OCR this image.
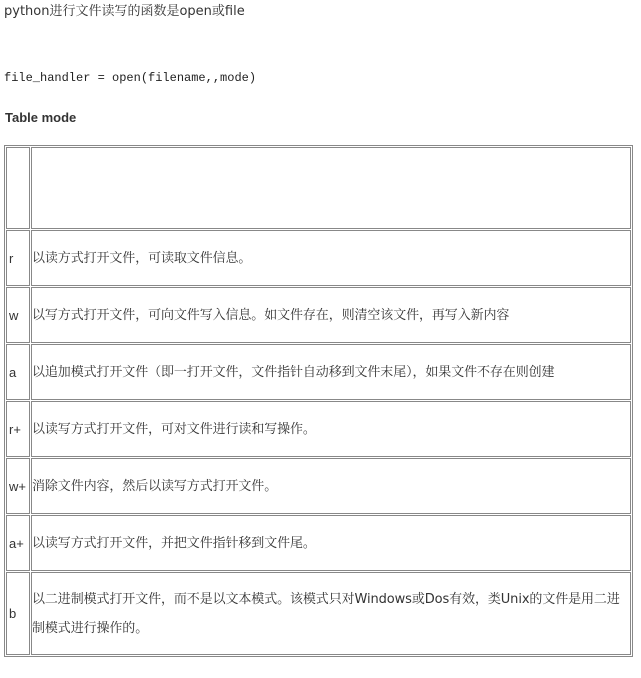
python进行文件读写的函数是open或file
file_handler = open(filename,,mode)
Table mode

r	以读方式打开文件，可读取文件信息。
w	以写方式打开文件，可向文件写入信息。如文件存在，则清空该文件，再写入新内容
a	以追加模式打开文件（即一打开文件，文件指针自动移到文件末尾），如果文件不存在则创建
r+	以读写方式打开文件，可对文件进行读和写操作。
w+	消除文件内容，然后以读写方式打开文件。
a+	以读写方式打开文件，并把文件指针移到文件尾。
b	以二进制模式打开文件，而不是以文本模式。该模式只对Windows或Dos有效，类Unix的文件是用二进制模式进行操作的。
